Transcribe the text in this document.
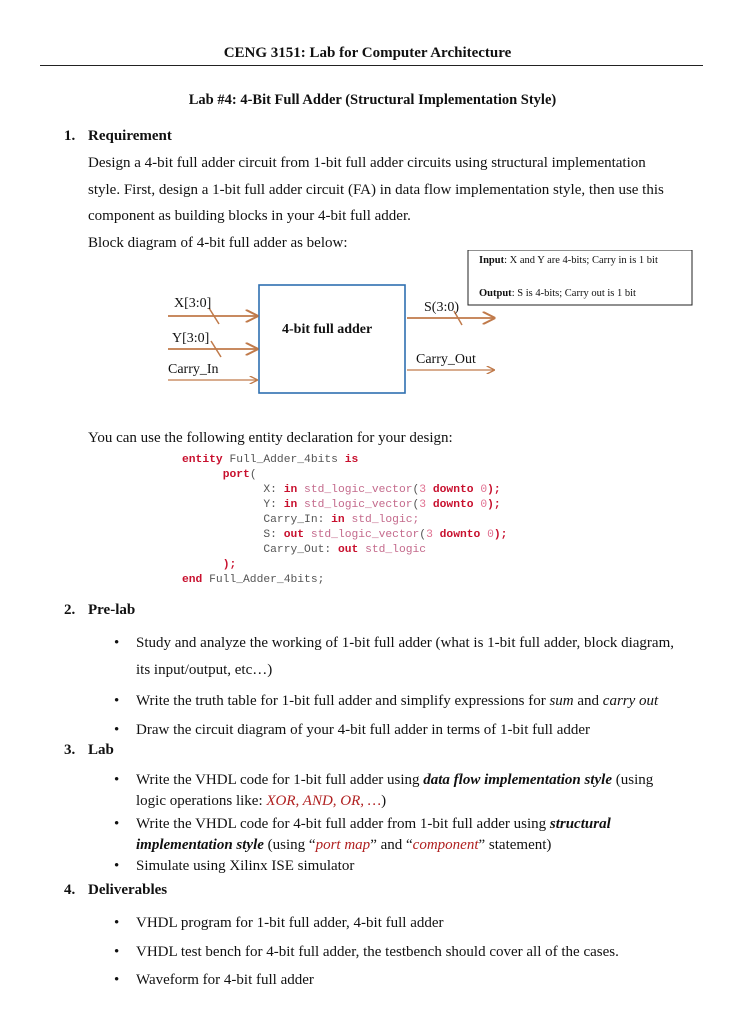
CENG 3151: Lab for Computer Architecture
Lab #4: 4-Bit Full Adder (Structural Implementation Style)
1. Requirement
Design a 4-bit full adder circuit from 1-bit full adder circuits using structural implementation
style. First, design a 1-bit full adder circuit (FA) in data flow implementation style, then use this
component as building blocks in your 4-bit full adder.
Block diagram of 4-bit full adder as below:
X[3:0]
Y[3:0]
Carry_In
4-bit full adder
S(3:0)
Carry_Out
Input: X and Y are 4-bits; Carry in is 1 bit
Output: S is 4-bits; Carry out is 1 bit
You can use the following entity declaration for your design:
entity Full_Adder_4bits is
port(
X: in std_logic_vector(3 downto 0);
Y: in std_logic_vector(3 downto 0);
Carry_In: in std_logic;
S: out std_logic_vector(3 downto 0);
Carry_Out: out std_logic
);
end Full_Adder_4bits;
2. Pre-lab
• Study and analyze the working of 1-bit full adder (what is 1-bit full adder, block diagram,
its input/output, etc…)
• Write the truth table for 1-bit full adder and simplify expressions for sum and carry out
• Draw the circuit diagram of your 4-bit full adder in terms of 1-bit full adder
3. Lab
• Write the VHDL code for 1-bit full adder using data flow implementation style (using
logic operations like: XOR, AND, OR, …)
• Write the VHDL code for 4-bit full adder from 1-bit full adder using structural
implementation style (using “port map” and “component” statement)
• Simulate using Xilinx ISE simulator
4. Deliverables
• VHDL program for 1-bit full adder, 4-bit full adder
• VHDL test bench for 4-bit full adder, the testbench should cover all of the cases.
• Waveform for 4-bit full adder
